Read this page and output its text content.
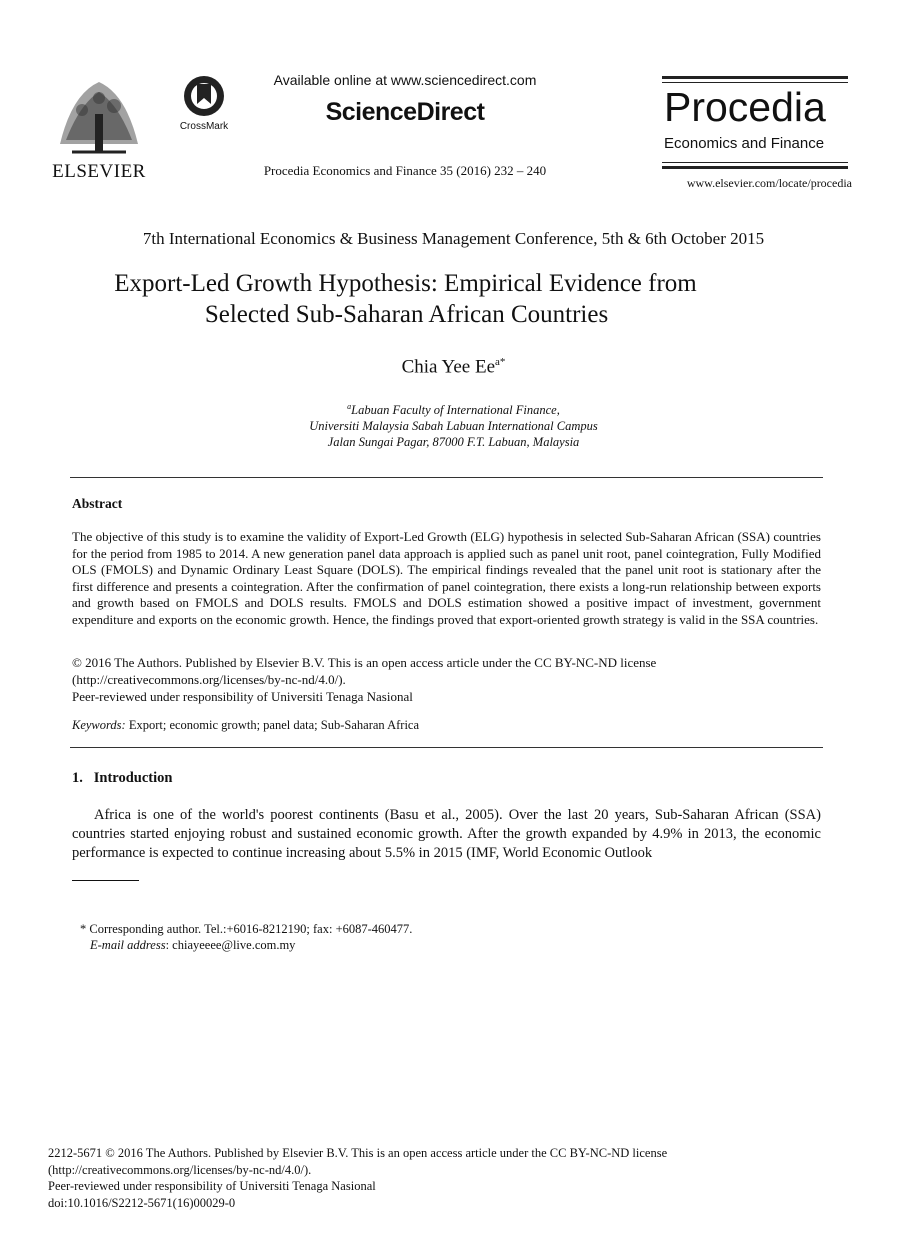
ELSEVIER
CrossMark
Available online at www.sciencedirect.com
ScienceDirect
Procedia Economics and Finance 35 (2016) 232 – 240
Procedia
Economics and Finance
www.elsevier.com/locate/procedia
7th International Economics & Business Management Conference, 5th & 6th October 2015
Export-Led Growth Hypothesis: Empirical Evidence from
Selected Sub-Saharan African Countries
Chia Yee $Ee^{a*}$
$^a$Labuan Faculty of International Finance,
Universiti Malaysia Sabah Labuan International Campus
Jalan Sungai Pagar, 87000 F.T. Labuan, Malaysia
Abstract

The objective of this study is to examine the validity of Export-Led Growth (ELG) hypothesis in selected Sub-Saharan African (SSA) countries for the period from 1985 to 2014. A new generation panel data approach is applied such as panel unit root, panel cointegration, Fully Modified OLS (FMOLS) and Dynamic Ordinary Least Square (DOLS). The empirical findings revealed that the panel unit root is stationary after the first difference and presents a cointegration. After the confirmation of panel cointegration, there exists a long-run relationship between exports and growth based on FMOLS and DOLS results. FMOLS and DOLS estimation showed a positive impact of investment, government expenditure and exports on the economic growth. Hence, the findings proved that export-oriented growth strategy is valid in the SSA countries.

© 2016 The Authors. Published by Elsevier B.V. This is an open access article under the CC BY-NC-ND license
(http://creativecommons.org/licenses/by-nc-nd/4.0/).
Peer-reviewed under responsibility of Universiti Tenaga Nasional
Keywords: Export; economic growth; panel data; Sub-Saharan Africa
1.   Introduction

Africa is one of the world's poorest continents (Basu et al., 2005). Over the last 20 years, Sub-Saharan African (SSA) countries started enjoying robust and sustained economic growth. After the growth expanded by 4.9% in 2013, the economic performance is expected to continue increasing about 5.5% in 2015 (IMF, World Economic Outlook

* Corresponding author. Tel.:+6016-8212190; fax: +6087-460477.
E-mail address: chiayeeee@live.com.my
2212-5671 © 2016 The Authors. Published by Elsevier B.V. This is an open access article under the CC BY-NC-ND license
(http://creativecommons.org/licenses/by-nc-nd/4.0/).
Peer-reviewed under responsibility of Universiti Tenaga Nasional
doi:10.1016/S2212-5671(16)00029-0
